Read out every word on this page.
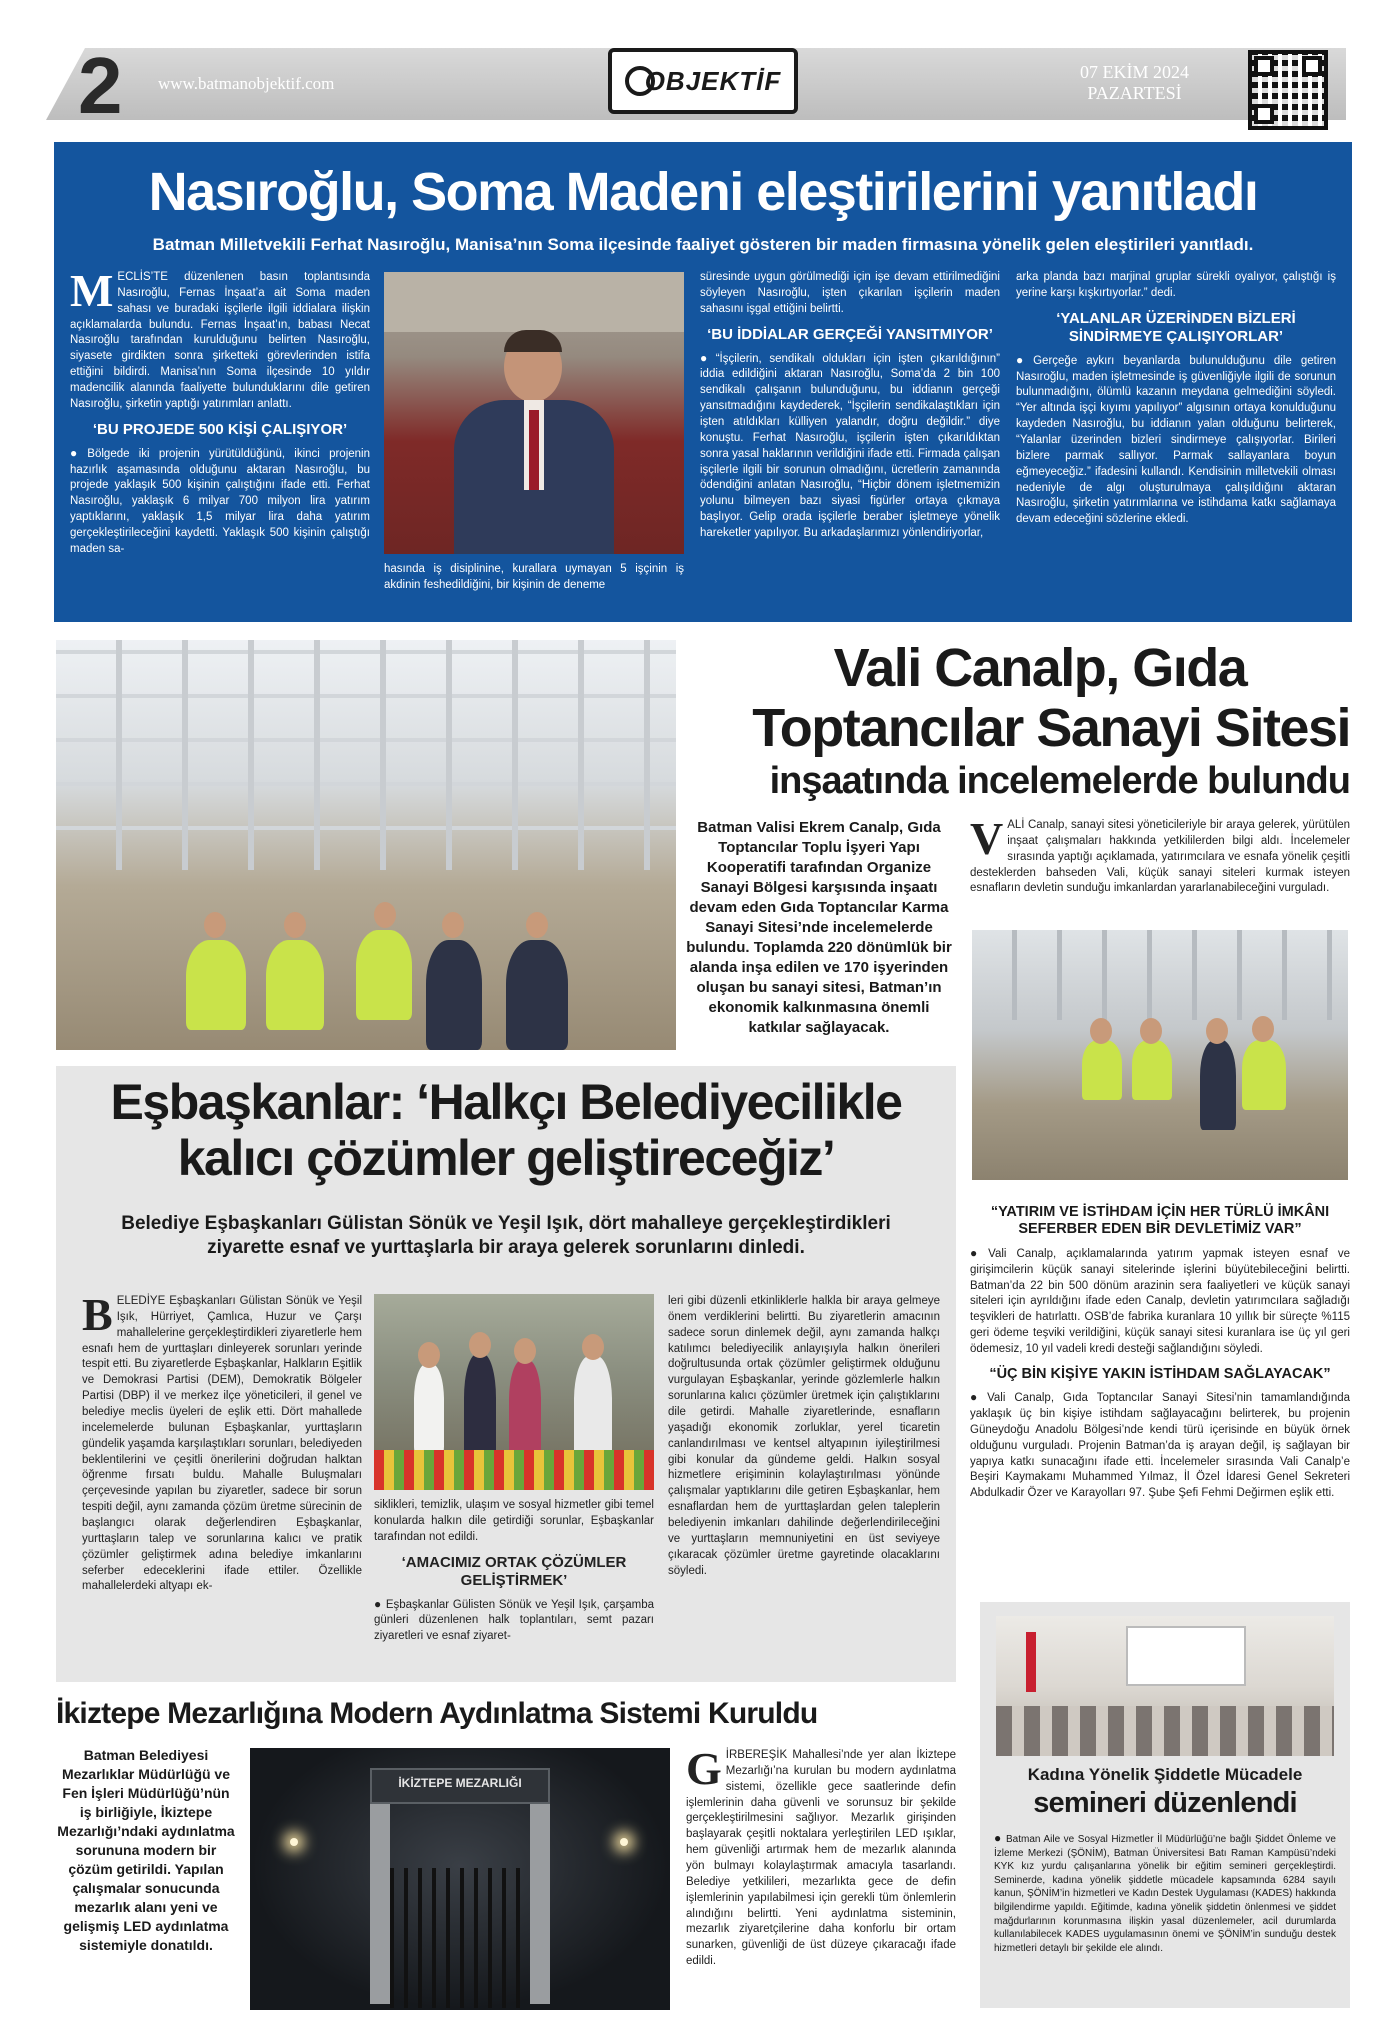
2 www.batmanobjektif.com	OBJEKTİF	07 EKİM 2024
PAZARTESİ
Nasıroğlu, Soma Madeni eleştirilerini yanıtladı
Batman Milletvekili Ferhat Nasıroğlu, Manisa’nın Soma ilçesinde faaliyet gösteren bir maden firmasına yönelik gelen eleştirileri yanıtladı.
M ECLİS’TE düzenlenen basın toplantısında Nasıroğlu, Fernas İnşaat’a ait Soma maden sahası ve buradaki işçilerle ilgili iddialara ilişkin açıklamalarda bulundu. Fernas İnşaat’ın, babası Necat Nasıroğlu tarafından kurulduğunu belirten Nasıroğlu, siyasete girdikten sonra şirketteki görevlerinden istifa ettiğini bildirdi. Manisa’nın Soma ilçesinde 10 yıldır madencilik alanında faaliyette bulunduklarını dile getiren Nasıroğlu, şirketin yaptığı yatırımları anlattı.
‘BU PROJEDE 500 KİŞİ ÇALIŞIYOR’
● Bölgede iki projenin yürütüldüğünü, ikinci projenin hazırlık aşamasında olduğunu aktaran Nasıroğlu, bu projede yaklaşık 500 kişinin çalıştığını ifade etti. Ferhat Nasıroğlu, yaklaşık 6 milyar 700 milyon lira yatırım yaptıklarını, yaklaşık 1,5 milyar lira daha yatırım gerçekleştirileceğini kaydetti. Yaklaşık 500 kişinin çalıştığı maden sa-
hasında iş disiplinine, kurallara uymayan 5 işçinin iş akdinin feshedildiğini, bir kişinin de deneme
süresinde uygun görülmediği için işe devam ettirilmediğini söyleyen Nasıroğlu, işten çıkarılan işçilerin maden sahasını işgal ettiğini belirtti.
‘BU İDDİALAR GERÇEĞİ YANSITMIYOR’
● “İşçilerin, sendikalı oldukları için işten çıkarıldığının” iddia edildiğini aktaran Nasıroğlu, Soma’da 2 bin 100 sendikalı çalışanın bulunduğunu, bu iddianın gerçeği yansıtmadığını kaydederek, “İşçilerin sendikalaştıkları için işten atıldıkları külliyen yalandır, doğru değildir.” diye konuştu. Ferhat Nasıroğlu, işçilerin işten çıkarıldıktan sonra yasal haklarının verildiğini ifade etti. Firmada çalışan işçilerle ilgili bir sorunun olmadığını, ücretlerin zamanında ödendiğini anlatan Nasıroğlu, “Hiçbir dönem işletmemizin yolunu bilmeyen bazı siyasi figürler ortaya çıkmaya başlıyor. Gelip orada işçilerle beraber işletmeye yönelik hareketler yapılıyor. Bu arkadaşlarımızı yönlendiriyorlar,
arka planda bazı marjinal gruplar sürekli oyalıyor, çalıştığı iş yerine karşı kışkırtıyorlar.” dedi.
‘YALANLAR ÜZERİNDEN BİZLERİ SİNDİRMEYE ÇALIŞIYORLAR’
● Gerçeğe aykırı beyanlarda bulunulduğunu dile getiren Nasıroğlu, maden işletmesinde iş güvenliğiyle ilgili de sorunun bulunmadığını, ölümlü kazanın meydana gelmediğini söyledi. “Yer altında işçi kıyımı yapılıyor” algısının ortaya konulduğunu kaydeden Nasıroğlu, bu iddianın yalan olduğunu belirterek, “Yalanlar üzerinden bizleri sindirmeye çalışıyorlar. Birileri bizlere parmak sallıyor. Parmak sallayanlara boyun eğmeyeceğiz.” ifadesini kullandı. Kendisinin milletvekili olması nedeniyle de algı oluşturulmaya çalışıldığını aktaran Nasıroğlu, şirketin yatırımlarına ve istihdama katkı sağlamaya devam edeceğini sözlerine ekledi.
Vali Canalp, Gıda
Toptancılar Sanayi Sitesi
inşaatında incelemelerde bulundu
Batman Valisi Ekrem Canalp, Gıda Toptancılar Toplu İşyeri Yapı Kooperatifi tarafından Organize Sanayi Bölgesi karşısında inşaatı devam eden Gıda Toptancılar Karma Sanayi Sitesi’nde incelemelerde bulundu. Toplamda 220 dönümlük bir alanda inşa edilen ve 170 işyerinden oluşan bu sanayi sitesi, Batman’ın ekonomik kalkınmasına önemli katkılar sağlayacak.
V ALİ Canalp, sanayi sitesi yöneticileriyle bir araya gelerek, yürütülen inşaat çalışmaları hakkında yetkililerden bilgi aldı. İncelemeler sırasında yaptığı açıklamada, yatırımcılara ve esnafa yönelik çeşitli desteklerden bahseden Vali, küçük sanayi siteleri kurmak isteyen esnafların devletin sunduğu imkanlardan yararlanabileceğini vurguladı.
“YATIRIM VE İSTİHDAM İÇİN HER TÜRLÜ İMKÂNI SEFERBER EDEN BİR DEVLETİMİZ VAR”
● Vali Canalp, açıklamalarında yatırım yapmak isteyen esnaf ve girişimcilerin küçük sanayi sitelerinde işlerini büyütebileceğini belirtti. Batman’da 22 bin 500 dönüm arazinin sera faaliyetleri ve küçük sanayi siteleri için ayrıldığını ifade eden Canalp, devletin yatırımcılara sağladığı teşvikleri de hatırlattı. OSB’de fabrika kuranlara 10 yıllık bir süreçte %115 geri ödeme teşviki verildiğini, küçük sanayi sitesi kuranlara ise üç yıl geri ödemesiz, 10 yıl vadeli kredi desteği sağlandığını söyledi.
“ÜÇ BİN KİŞİYE YAKIN İSTİHDAM SAĞLAYACAK”
● Vali Canalp, Gıda Toptancılar Sanayi Sitesi’nin tamamlandığında yaklaşık üç bin kişiye istihdam sağlayacağını belirterek, bu projenin Güneydoğu Anadolu Bölgesi’nde kendi türü içerisinde en büyük örnek olduğunu vurguladı. Projenin Batman’da iş arayan değil, iş sağlayan bir yapıya katkı sunacağını ifade etti. İncelemeler sırasında Vali Canalp’e Beşiri Kaymakamı Muhammed Yılmaz, İl Özel İdaresi Genel Sekreteri Abdulkadir Özer ve Karayolları 97. Şube Şefi Fehmi Değirmen eşlik etti.
Eşbaşkanlar: ‘Halkçı Belediyecilikle
kalıcı çözümler geliştireceğiz’
Belediye Eşbaşkanları Gülistan Sönük ve Yeşil Işık, dört mahalleye gerçekleştirdikleri ziyarette esnaf ve yurttaşlarla bir araya gelerek sorunlarını dinledi.
B ELEDİYE Eşbaşkanları Gülistan Sönük ve Yeşil Işık, Hürriyet, Çamlıca, Huzur ve Çarşı mahallelerine gerçekleştirdikleri ziyaretlerle hem esnafı hem de yurttaşları dinleyerek sorunları yerinde tespit etti. Bu ziyaretlerde Eşbaşkanlar, Halkların Eşitlik ve Demokrasi Partisi (DEM), Demokratik Bölgeler Partisi (DBP) il ve merkez ilçe yöneticileri, il genel ve belediye meclis üyeleri de eşlik etti. Dört mahallede incelemelerde bulunan Eşbaşkanlar, yurttaşların gündelik yaşamda karşılaştıkları sorunları, belediyeden beklentilerini ve çeşitli önerilerini doğrudan halktan öğrenme fırsatı buldu. Mahalle Buluşmaları çerçevesinde yapılan bu ziyaretler, sadece bir sorun tespiti değil, aynı zamanda çözüm üretme sürecinin de başlangıcı olarak değerlendiren Eşbaşkanlar, yurttaşların talep ve sorunlarına kalıcı ve pratik çözümler geliştirmek adına belediye imkanlarını seferber edeceklerini ifade ettiler. Özellikle mahallelerdeki altyapı ek-
siklikleri, temizlik, ulaşım ve sosyal hizmetler gibi temel konularda halkın dile getirdiği sorunlar, Eşbaşkanlar tarafından not edildi.
‘AMACIMIZ ORTAK ÇÖZÜMLER GELİŞTİRMEK’
● Eşbaşkanlar Gülisten Sönük ve Yeşil Işık, çarşamba günleri düzenlenen halk toplantıları, semt pazarı ziyaretleri ve esnaf ziyaret-
leri gibi düzenli etkinliklerle halkla bir araya gelmeye önem verdiklerini belirtti. Bu ziyaretlerin amacının sadece sorun dinlemek değil, aynı zamanda halkçı katılımcı belediyecilik anlayışıyla halkın önerileri doğrultusunda ortak çözümler geliştirmek olduğunu vurgulayan Eşbaşkanlar, yerinde gözlemlerle halkın sorunlarına kalıcı çözümler üretmek için çalıştıklarını dile getirdi. Mahalle ziyaretlerinde, esnafların yaşadığı ekonomik zorluklar, yerel ticaretin canlandırılması ve kentsel altyapının iyileştirilmesi gibi konular da gündeme geldi. Halkın sosyal hizmetlere erişiminin kolaylaştırılması yönünde çalışmalar yaptıklarını dile getiren Eşbaşkanlar, hem esnaflardan hem de yurttaşlardan gelen taleplerin belediyenin imkanları dahilinde değerlendirileceğini ve yurttaşların memnuniyetini en üst seviyeye çıkaracak çözümler üretme gayretinde olacaklarını söyledi.
İkiztepe Mezarlığına Modern Aydınlatma Sistemi Kuruldu
Batman Belediyesi Mezarlıklar Müdürlüğü ve Fen İşleri Müdürlüğü’nün iş birliğiyle, İkiztepe Mezarlığı’ndaki aydınlatma sorununa modern bir çözüm getirildi. Yapılan çalışmalar sonucunda mezarlık alanı yeni ve gelişmiş LED aydınlatma sistemiyle donatıldı.
İKİZTEPE MEZARLIĞI	G İRBEREŞİK Mahallesi’nde yer alan İkiztepe Mezarlığı’na kurulan bu modern aydınlatma sistemi, özellikle gece saatlerinde defin işlemlerinin daha güvenli ve sorunsuz bir şekilde gerçekleştirilmesini sağlıyor. Mezarlık girişinden başlayarak çeşitli noktalara yerleştirilen LED ışıklar, hem güvenliği artırmak hem de mezarlık alanında yön bulmayı kolaylaştırmak amacıyla tasarlandı. Belediye yetkilileri, mezarlıkta gece de defin işlemlerinin yapılabilmesi için gerekli tüm önlemlerin alındığını belirtti. Yeni aydınlatma sisteminin, mezarlık ziyaretçilerine daha konforlu bir ortam sunarken, güvenliği de üst düzeye çıkaracağı ifade edildi.
Kadına Yönelik Şiddetle Mücadele
semineri düzenlendi
● Batman Aile ve Sosyal Hizmetler İl Müdürlüğü’ne bağlı Şiddet Önleme ve İzleme Merkezi (ŞÖNİM), Batman Üniversitesi Batı Raman Kampüsü’ndeki KYK kız yurdu çalışanlarına yönelik bir eğitim semineri gerçekleştirdi. Seminerde, kadına yönelik şiddetle mücadele kapsamında 6284 sayılı kanun, ŞÖNİM’in hizmetleri ve Kadın Destek Uygulaması (KADES) hakkında bilgilendirme yapıldı. Eğitimde, kadına yönelik şiddetin önlenmesi ve şiddet mağdurlarının korunmasına ilişkin yasal düzenlemeler, acil durumlarda kullanılabilecek KADES uygulamasının önemi ve ŞÖNİM’in sunduğu destek hizmetleri detaylı bir şekilde ele alındı.
